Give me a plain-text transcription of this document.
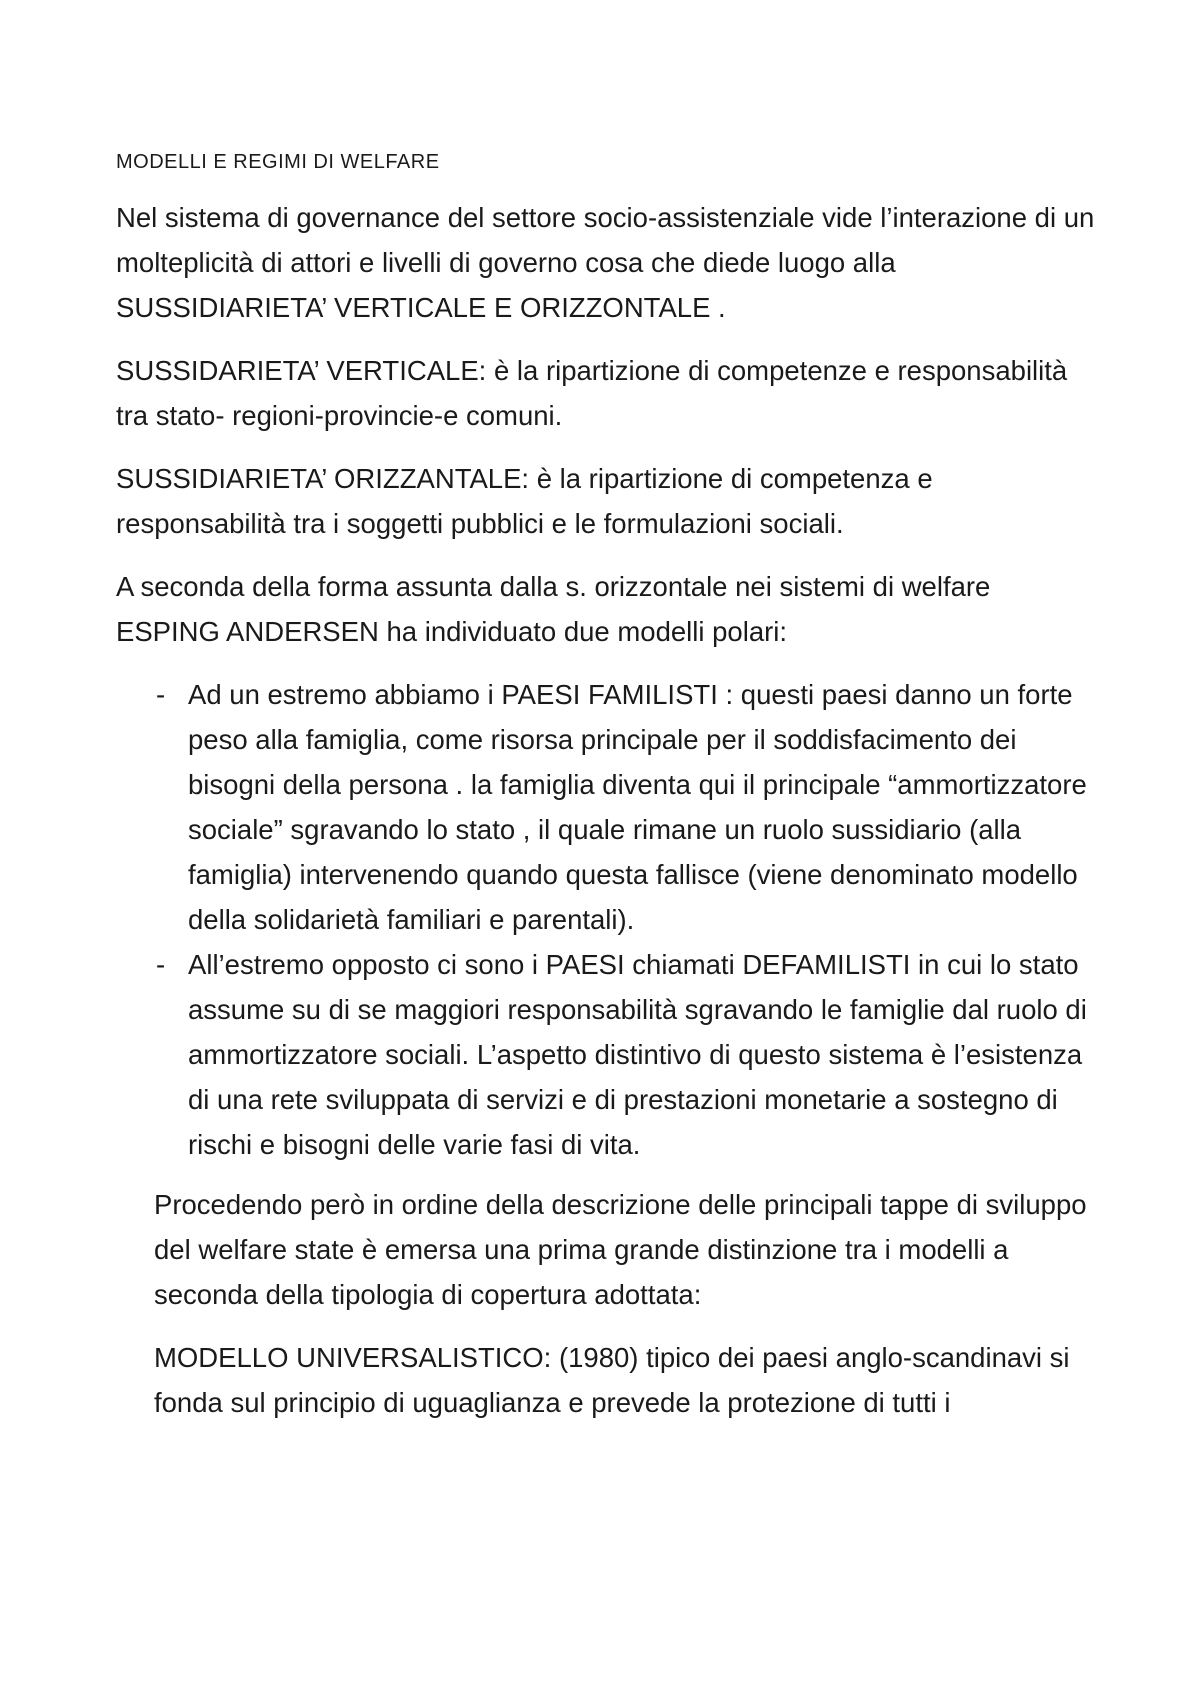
MODELLI E REGIMI DI WELFARE

Nel sistema di governance del settore socio-assistenziale vide l’interazione di un molteplicità di attori e livelli di governo cosa che diede luogo alla SUSSIDIARIETA’ VERTICALE E ORIZZONTALE .

SUSSIDARIETA’ VERTICALE: è la ripartizione di competenze e responsabilità tra stato- regioni-provincie-e comuni.

SUSSIDIARIETA’ ORIZZANTALE: è la ripartizione di competenza e responsabilità tra i soggetti pubblici e le formulazioni sociali.

A seconda della forma assunta dalla s. orizzontale nei sistemi di welfare ESPING ANDERSEN ha individuato due modelli polari:

- Ad un estremo abbiamo i PAESI FAMILISTI : questi paesi danno un forte peso alla famiglia, come risorsa principale per il soddisfacimento dei bisogni della persona . la famiglia diventa qui il principale “ammortizzatore sociale” sgravando lo stato , il quale rimane un ruolo sussidiario (alla famiglia) intervenendo quando questa fallisce (viene denominato modello della solidarietà familiari e parentali).
- All’estremo opposto ci sono i PAESI chiamati DEFAMILISTI in cui lo stato assume su di se maggiori responsabilità sgravando le famiglie dal ruolo di ammortizzatore sociali. L’aspetto distintivo di questo sistema è l’esistenza di una rete sviluppata di servizi e di prestazioni monetarie a sostegno di rischi e bisogni delle varie fasi di vita.

Procedendo però in ordine della descrizione delle principali tappe di sviluppo del welfare state è emersa una prima grande distinzione tra i modelli a seconda della tipologia di copertura adottata:

MODELLO UNIVERSALISTICO: (1980) tipico dei paesi anglo-scandinavi si fonda sul principio di uguaglianza e prevede la protezione di tutti i
